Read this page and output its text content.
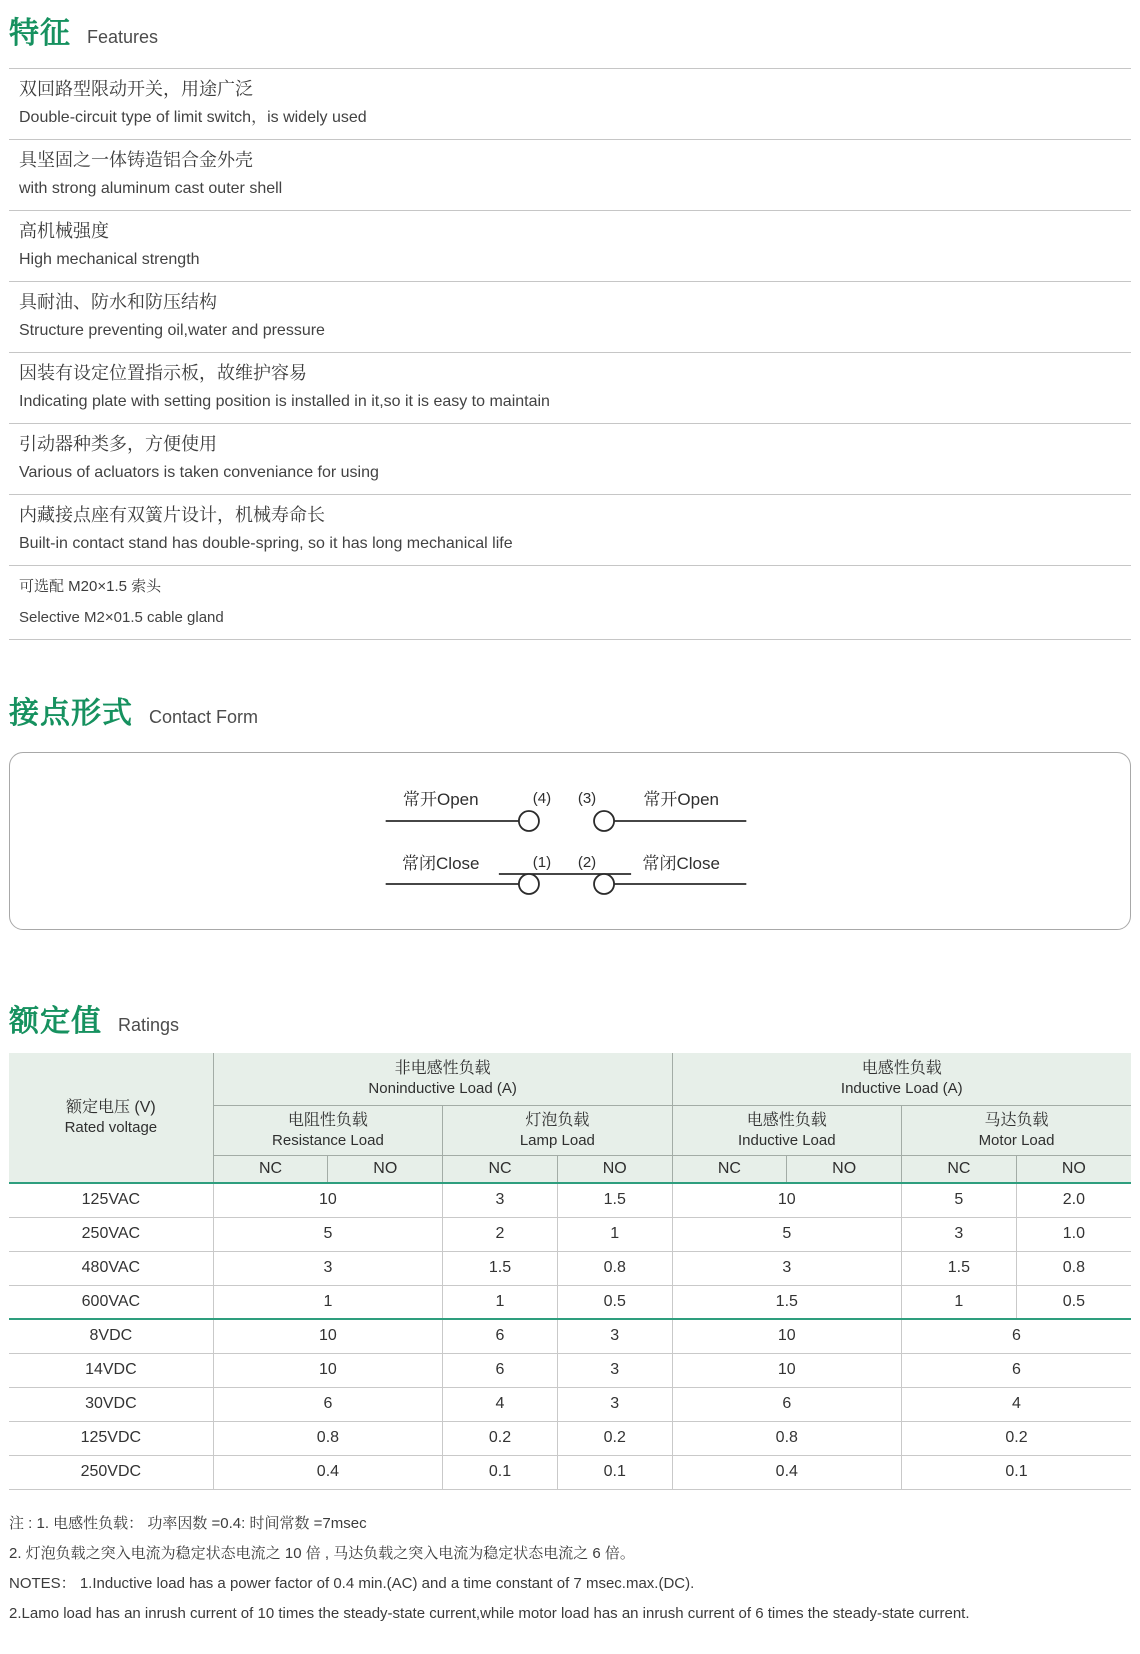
特征 Features
双回路型限动开关，用途广泛
Double-circuit type of limit switch，is widely used
具坚固之一体铸造铝合金外壳
with strong aluminum cast outer shell
高机械强度
High mechanical strength
具耐油、防水和防压结构
Structure preventing oil,water and pressure
因装有设定位置指示板，故维护容易
Indicating plate with setting position is installed in it,so it is easy to maintain
引动器种类多，方便使用
Various of acluators is taken conveniance for using
内藏接点座有双簧片设计，机械寿命长
Built-in contact stand has double-spring, so it has long mechanical life
可选配 M20×1.5 索头
Selective M2×01.5 cable gland
接点形式 Contact Form
常开Open	(4) (3)	常开Open
常闭Close	(1) (2)	常闭Close
额定值 Ratings
额定电压 (V)
Rated voltage

非电感性负载
Noninductive Load (A)

电感性负载
Inductive Load (A)

电阻性负载
Resistance Load

灯泡负载
Lamp Load

电感性负载
Inductive Load

马达负载
Motor Load

	NC	NO	NC	NO	NC	NO	NC	NO
125VAC	10		3	1.5	10		5	2.0
250VAC	5		2	1	5		3	1.0
480VAC	3		1.5	0.8	3		1.5	0.8
600VAC	1		1	0.5	1.5		1	0.5
8VDC	10		6	3	10		6	
14VDC	10		6	3	10		6	
30VDC	6		4	3	6		4	
125VDC	0.8		0.2	0.2	0.8		0.2	
250VDC	0.4		0.1	0.1	0.4		0.1	

注 : 1. 电感性负载： 功率因数 =0.4: 时间常数 =7msec

2. 灯泡负载之突入电流为稳定状态电流之 10 倍 , 马达负载之突入电流为稳定状态电流之 6 倍。

NOTES： 1.Inductive load has a power factor of 0.4 min.(AC) and a time constant of 7 msec.max.(DC).

2.Lamo load has an inrush current of 10 times the steady-state current,while motor load has an inrush current of 6 times the steady-state current.
